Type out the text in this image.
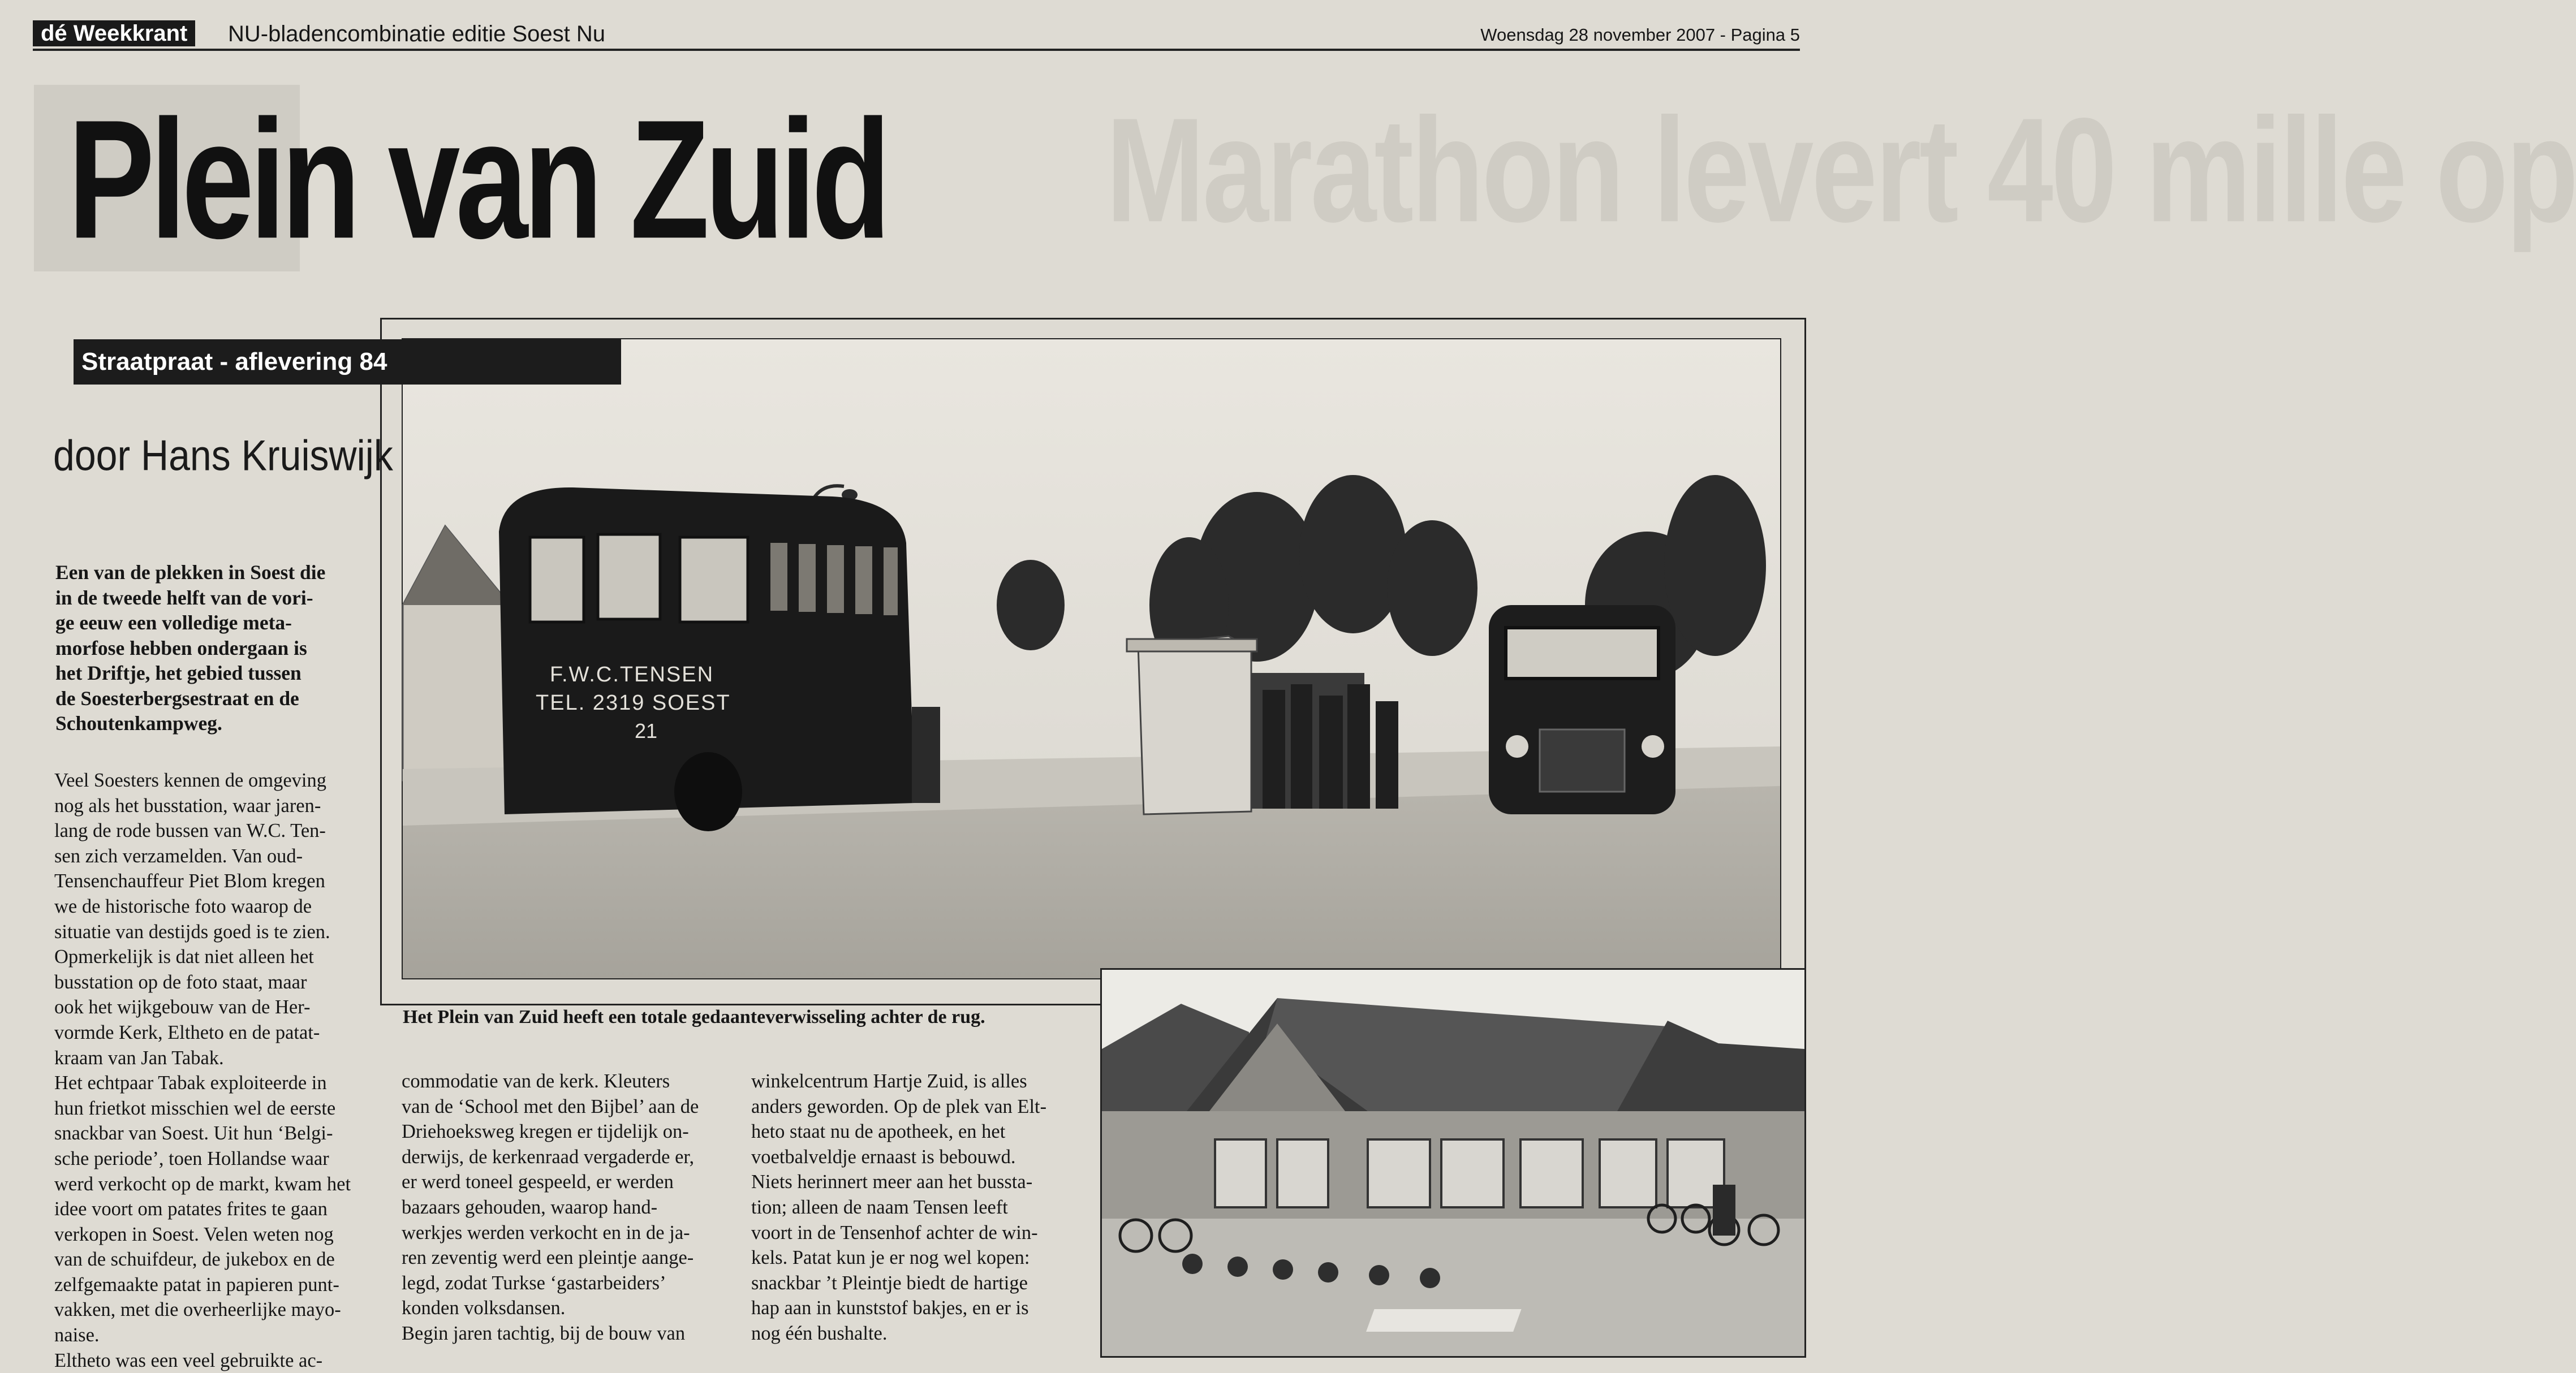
Marathon levert 40 mille op
dé Weekkrant	NU-bladencombinatie editie Soest Nu	Woensdag 28 november 2007 - Pagina 5
Plein van Zuid
F.W.C.TENSEN
TEL. 2319 SOEST
21
Straatpraat - aflevering 84
door Hans Kruiswijk
Een van de plekken in Soest die
in de tweede helft van de vori-
ge eeuw een volledige meta-
morfose hebben ondergaan is
het Driftje, het gebied tussen
de Soesterbergsestraat en de
Schoutenkampweg.
Het Plein van Zuid heeft een totale gedaanteverwisseling achter de rug.
Veel Soesters kennen de omgeving
nog als het busstation, waar jaren-
lang de rode bussen van W.C. Ten-
sen zich verzamelden. Van oud-
Tensenchauffeur Piet Blom kregen
we de historische foto waarop de
situatie van destijds goed is te zien.
Opmerkelijk is dat niet alleen het
busstation op de foto staat, maar
ook het wijkgebouw van de Her-
vormde Kerk, Eltheto en de patat-
kraam van Jan Tabak.
Het echtpaar Tabak exploiteerde in
hun frietkot misschien wel de eerste
snackbar van Soest. Uit hun ‘Belgi-
sche periode’, toen Hollandse waar
werd verkocht op de markt, kwam het
idee voort om patates frites te gaan
verkopen in Soest. Velen weten nog
van de schuifdeur, de jukebox en de
zelfgemaakte patat in papieren punt-
vakken, met die overheerlijke mayo-
naise.
Eltheto was een veel gebruikte ac-
commodatie van de kerk. Kleuters
van de ‘School met den Bijbel’ aan de
Driehoeksweg kregen er tijdelijk on-
derwijs, de kerkenraad vergaderde er,
er werd toneel gespeeld, er werden
bazaars gehouden, waarop hand-
werkjes werden verkocht en in de ja-
ren zeventig werd een pleintje aange-
legd, zodat Turkse ‘gastarbeiders’
konden volksdansen.
Begin jaren tachtig, bij de bouw van
winkelcentrum Hartje Zuid, is alles
anders geworden. Op de plek van Elt-
heto staat nu de apotheek, en het
voetbalveldje ernaast is bebouwd.
Niets herinnert meer aan het bussta-
tion; alleen de naam Tensen leeft
voort in de Tensenhof achter de win-
kels. Patat kun je er nog wel kopen:
snackbar ’t Pleintje biedt de hartige
hap aan in kunststof bakjes, en er is
nog één bushalte.
